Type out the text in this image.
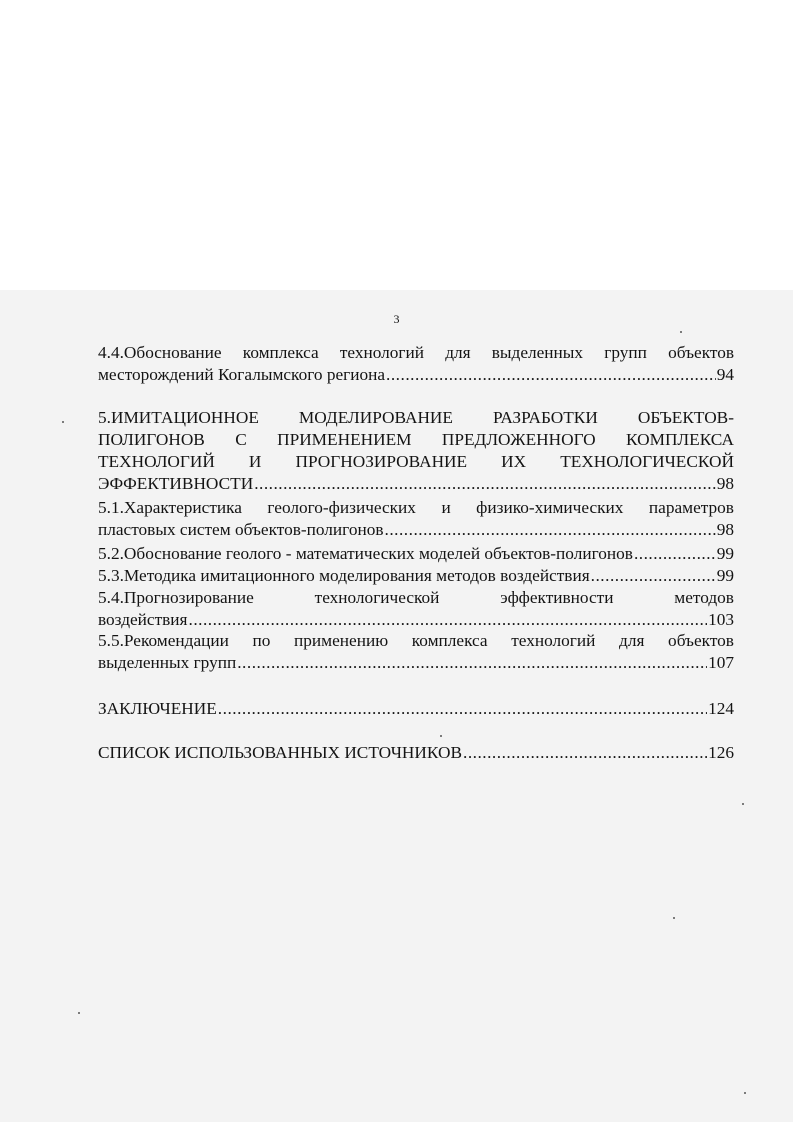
3
4.4.Обоснование комплекса технологий для выделенных групп объектов
месторождений Когалымского региона .....	94
5.ИМИТАЦИОННОЕ МОДЕЛИРОВАНИЕ РАЗРАБОТКИ ОБЪЕКТОВ-
ПОЛИГОНОВ С ПРИМЕНЕНИЕМ ПРЕДЛОЖЕННОГО КОМПЛЕКСА
ТЕХНОЛОГИЙ И ПРОГНОЗИРОВАНИЕ ИХ ТЕХНОЛОГИЧЕСКОЙ
ЭФФЕКТИВНОСТИ .....	98
5.1.Характеристика геолого-физических и физико-химических параметров
пластовых систем объектов-полигонов .....	98
5.2.Обоснование геолого - математических моделей объектов-полигонов .....	99
5.3.Методика имитационного моделирования методов воздействия .....	99
5.4.Прогнозирование	технологической	эффективности	методов
воздействия .....	103
5.5.Рекомендации по применению комплекса технологий для объектов
выделенных групп .....	107
ЗАКЛЮЧЕНИЕ .....	124
СПИСОК ИСПОЛЬЗОВАННЫХ ИСТОЧНИКОВ .....	126
